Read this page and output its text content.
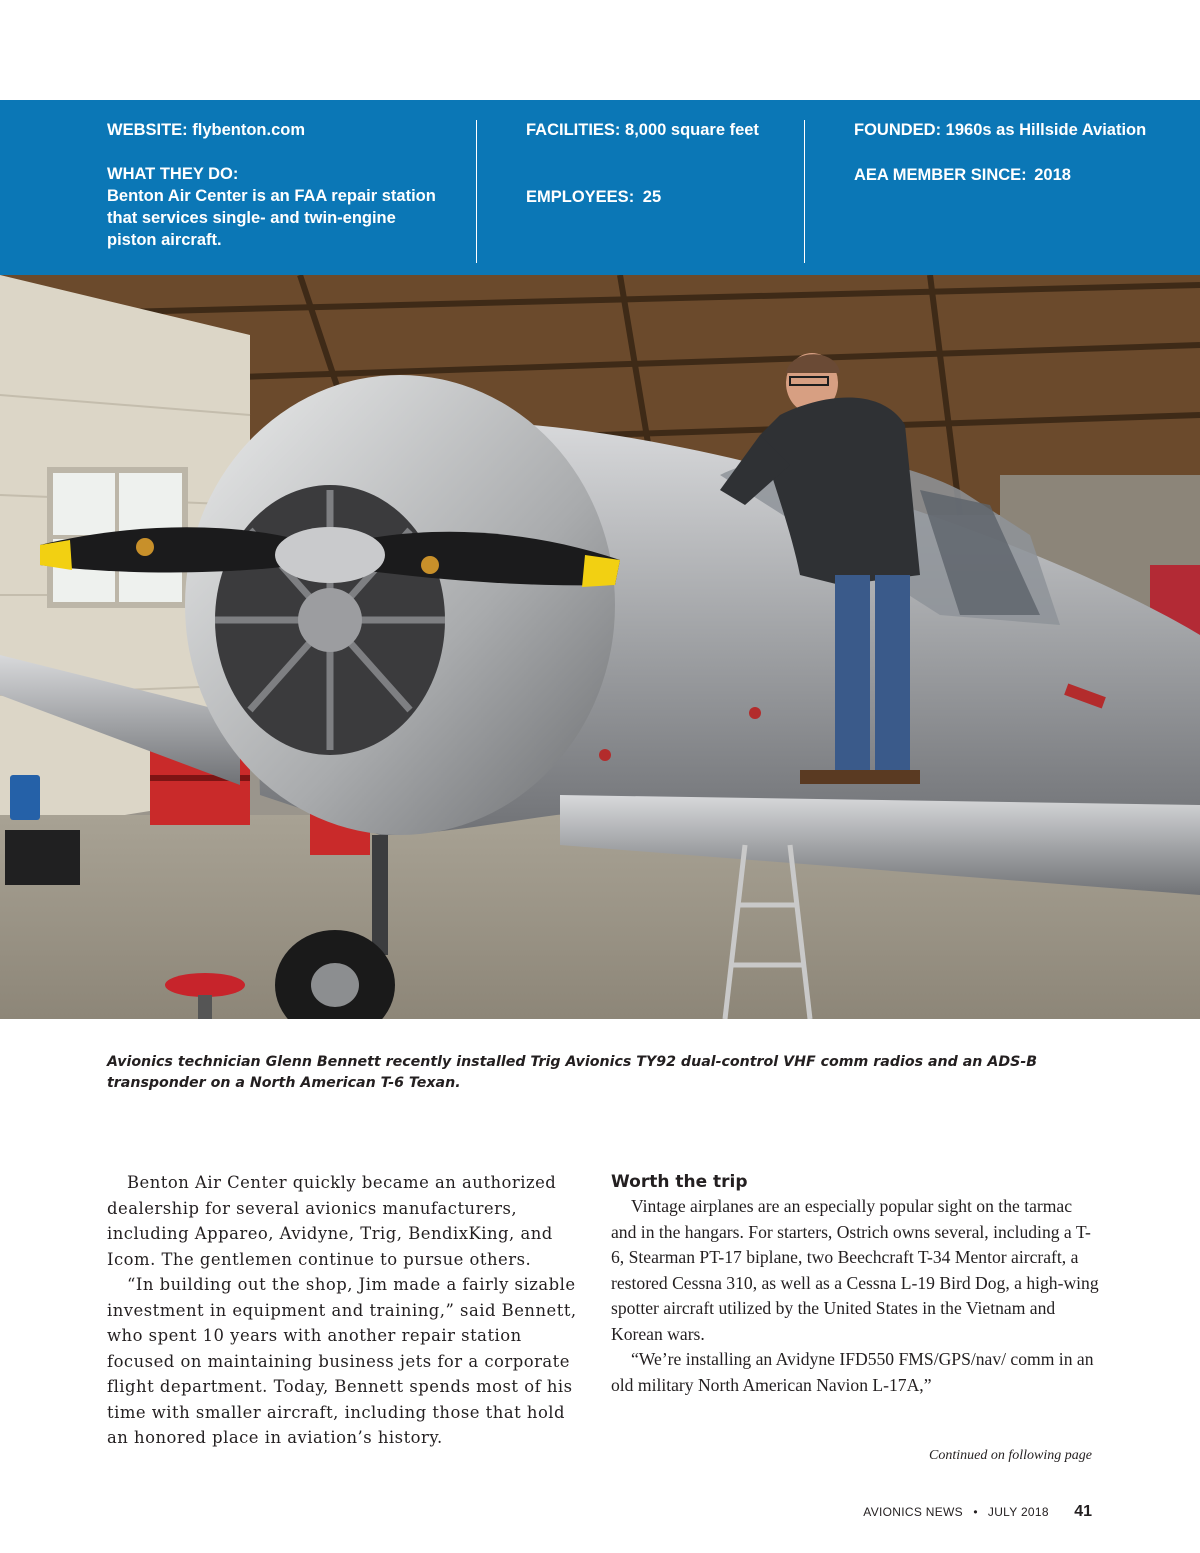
WEBSITE: flybenton.com
WHAT THEY DO:
Benton Air Center is an FAA repair station that services single- and twin-engine piston aircraft.
FACILITIES: 8,000 square feet
EMPLOYEES: 25
FOUNDED: 1960s as Hillside Aviation
AEA MEMBER SINCE: 2018
Avionics technician Glenn Bennett recently installed Trig Avionics TY92 dual-control VHF comm radios and an ADS-B transponder on a North American T-6 Texan.

Benton Air Center quickly became an authorized dealership for several avionics manufacturers, including Appareo, Avidyne, Trig, BendixKing, and Icom. The gentlemen continue to pursue others.

“In building out the shop, Jim made a fairly sizable investment in equipment and training,” said Bennett, who spent 10 years with another repair station focused on maintaining business jets for a corporate flight department. Today, Bennett spends most of his time with smaller aircraft, including those that hold an honored place in aviation’s history.

Worth the trip

Vintage airplanes are an especially popular sight on the tarmac and in the hangars. For starters, Ostrich owns several, including a T-6, Stearman PT-17 biplane, two Beechcraft T-34 Mentor aircraft, a restored Cessna 310, as well as a Cessna L-19 Bird Dog, a high-wing spotter aircraft utilized by the United States in the Vietnam and Korean wars.

“We’re installing an Avidyne IFD550 FMS/GPS/nav/ comm in an old military North American Navion L-17A,”

Continued on following page
AVIONICS NEWS • JULY 2018 41
